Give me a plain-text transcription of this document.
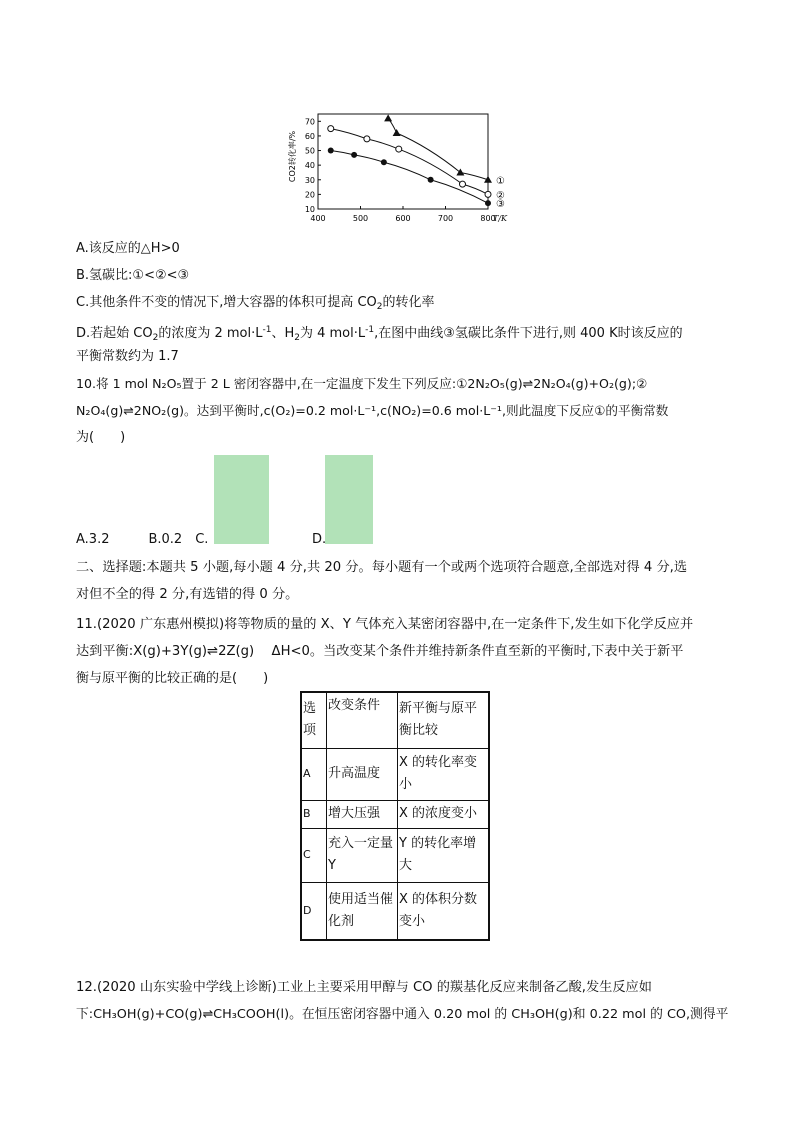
400	500	600	700	800
T/K
10
20
30
40
50
60
70
CO2转化率/%	①
②
③
A.该反应的△H>0
B.氢碳比:①<②<③
C.其他条件不变的情况下,增大容器的体积可提高 $CO_2$的转化率
D.若起始 $CO_2$的浓度为 2 $mol\cdot L^{-1}$、$H_2$为 4 $mol\cdot L^{-1}$,在图中曲线③氢碳比条件下进行,则 400 K时该反应的
平衡常数约为 1.7
10.将 1 mol N₂O₅置于 2 L 密闭容器中,在一定温度下发生下列反应:①2N₂O₅(g)⇌2N₂O₄(g)+O₂(g);②
N₂O₄(g)⇌2NO₂(g)。达到平衡时,c(O₂)=0.2 mol·L⁻¹,c(NO₂)=0.6 mol·L⁻¹,则此温度下反应①的平衡常数
为(　　)
A.3.2　　　B.0.2　C.	D.
二、选择题:本题共 5 小题,每小题 4 分,共 20 分。每小题有一个或两个选项符合题意,全部选对得 4 分,选
对但不全的得 2 分,有选错的得 0 分。
11.(2020 广东惠州模拟)将等物质的量的 X、Y 气体充入某密闭容器中,在一定条件下,发生如下化学反应并
达到平衡:X(g)+3Y(g)⇌2Z(g)　 ΔH<0。当改变某个条件并维持新条件直至新的平衡时,下表中关于新平
衡与原平衡的比较正确的是(　　)
选项	改变条件	新平衡与原平衡比较
A	升高温度	X 的转化率变小
B	增大压强	X 的浓度变小
C	充入一定量 Y	Y 的转化率增大
D	使用适当催化剂	X 的体积分数变小
12.(2020 山东实验中学线上诊断)工业上主要采用甲醇与 CO 的羰基化反应来制备乙酸,发生反应如
下:CH₃OH(g)+CO(g)⇌CH₃COOH(l)。在恒压密闭容器中通入 0.20 mol 的 CH₃OH(g)和 0.22 mol 的 CO,测得平
